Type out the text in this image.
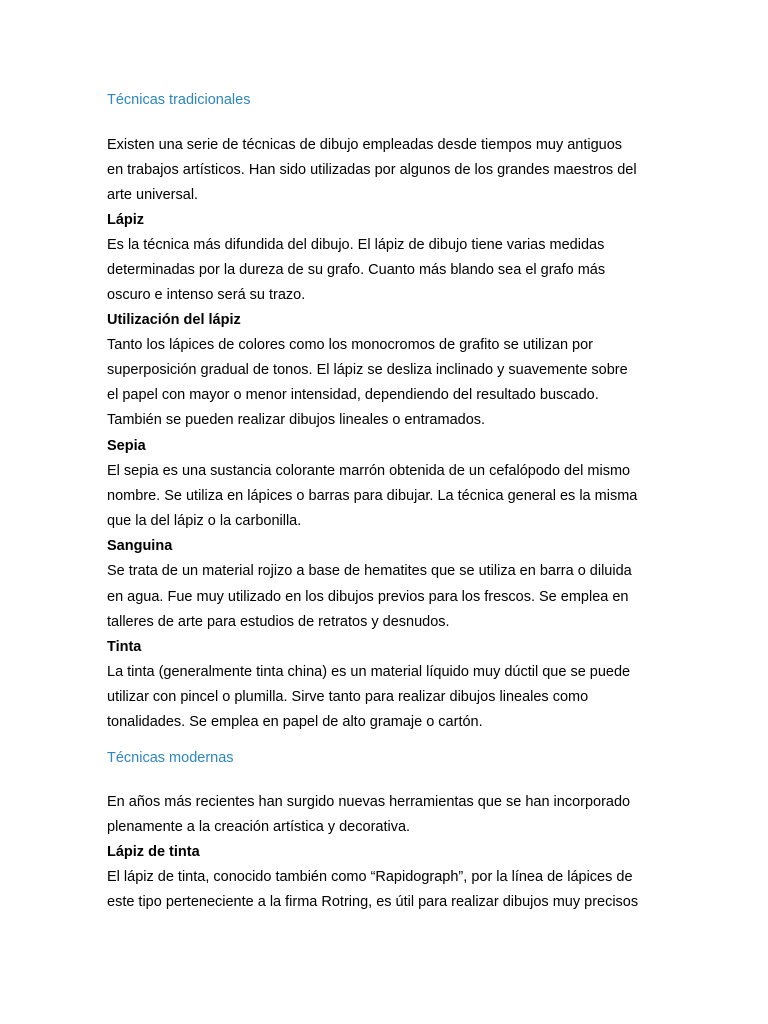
Técnicas tradicionales
Existen una serie de técnicas de dibujo empleadas desde tiempos muy antiguos
en trabajos artísticos. Han sido utilizadas por algunos de los grandes maestros del
arte universal.
Lápiz
Es la técnica más difundida del dibujo. El lápiz de dibujo tiene varias medidas
determinadas por la dureza de su grafo. Cuanto más blando sea el grafo más
oscuro e intenso será su trazo.
Utilización del lápiz
Tanto los lápices de colores como los monocromos de grafito se utilizan por
superposición gradual de tonos. El lápiz se desliza inclinado y suavemente sobre
el papel con mayor o menor intensidad, dependiendo del resultado buscado.
También se pueden realizar dibujos lineales o entramados.
Sepia
El sepia es una sustancia colorante marrón obtenida de un cefalópodo del mismo
nombre. Se utiliza en lápices o barras para dibujar. La técnica general es la misma
que la del lápiz o la carbonilla.
Sanguina
Se trata de un material rojizo a base de hematites que se utiliza en barra o diluida
en agua. Fue muy utilizado en los dibujos previos para los frescos. Se emplea en
talleres de arte para estudios de retratos y desnudos.
Tinta
La tinta (generalmente tinta china) es un material líquido muy dúctil que se puede
utilizar con pincel o plumilla. Sirve tanto para realizar dibujos lineales como
tonalidades. Se emplea en papel de alto gramaje o cartón.
Técnicas modernas
En años más recientes han surgido nuevas herramientas que se han incorporado
plenamente a la creación artística y decorativa.
Lápiz de tinta
El lápiz de tinta, conocido también como “Rapidograph”, por la línea de lápices de
este tipo perteneciente a la firma Rotring, es útil para realizar dibujos muy precisos
